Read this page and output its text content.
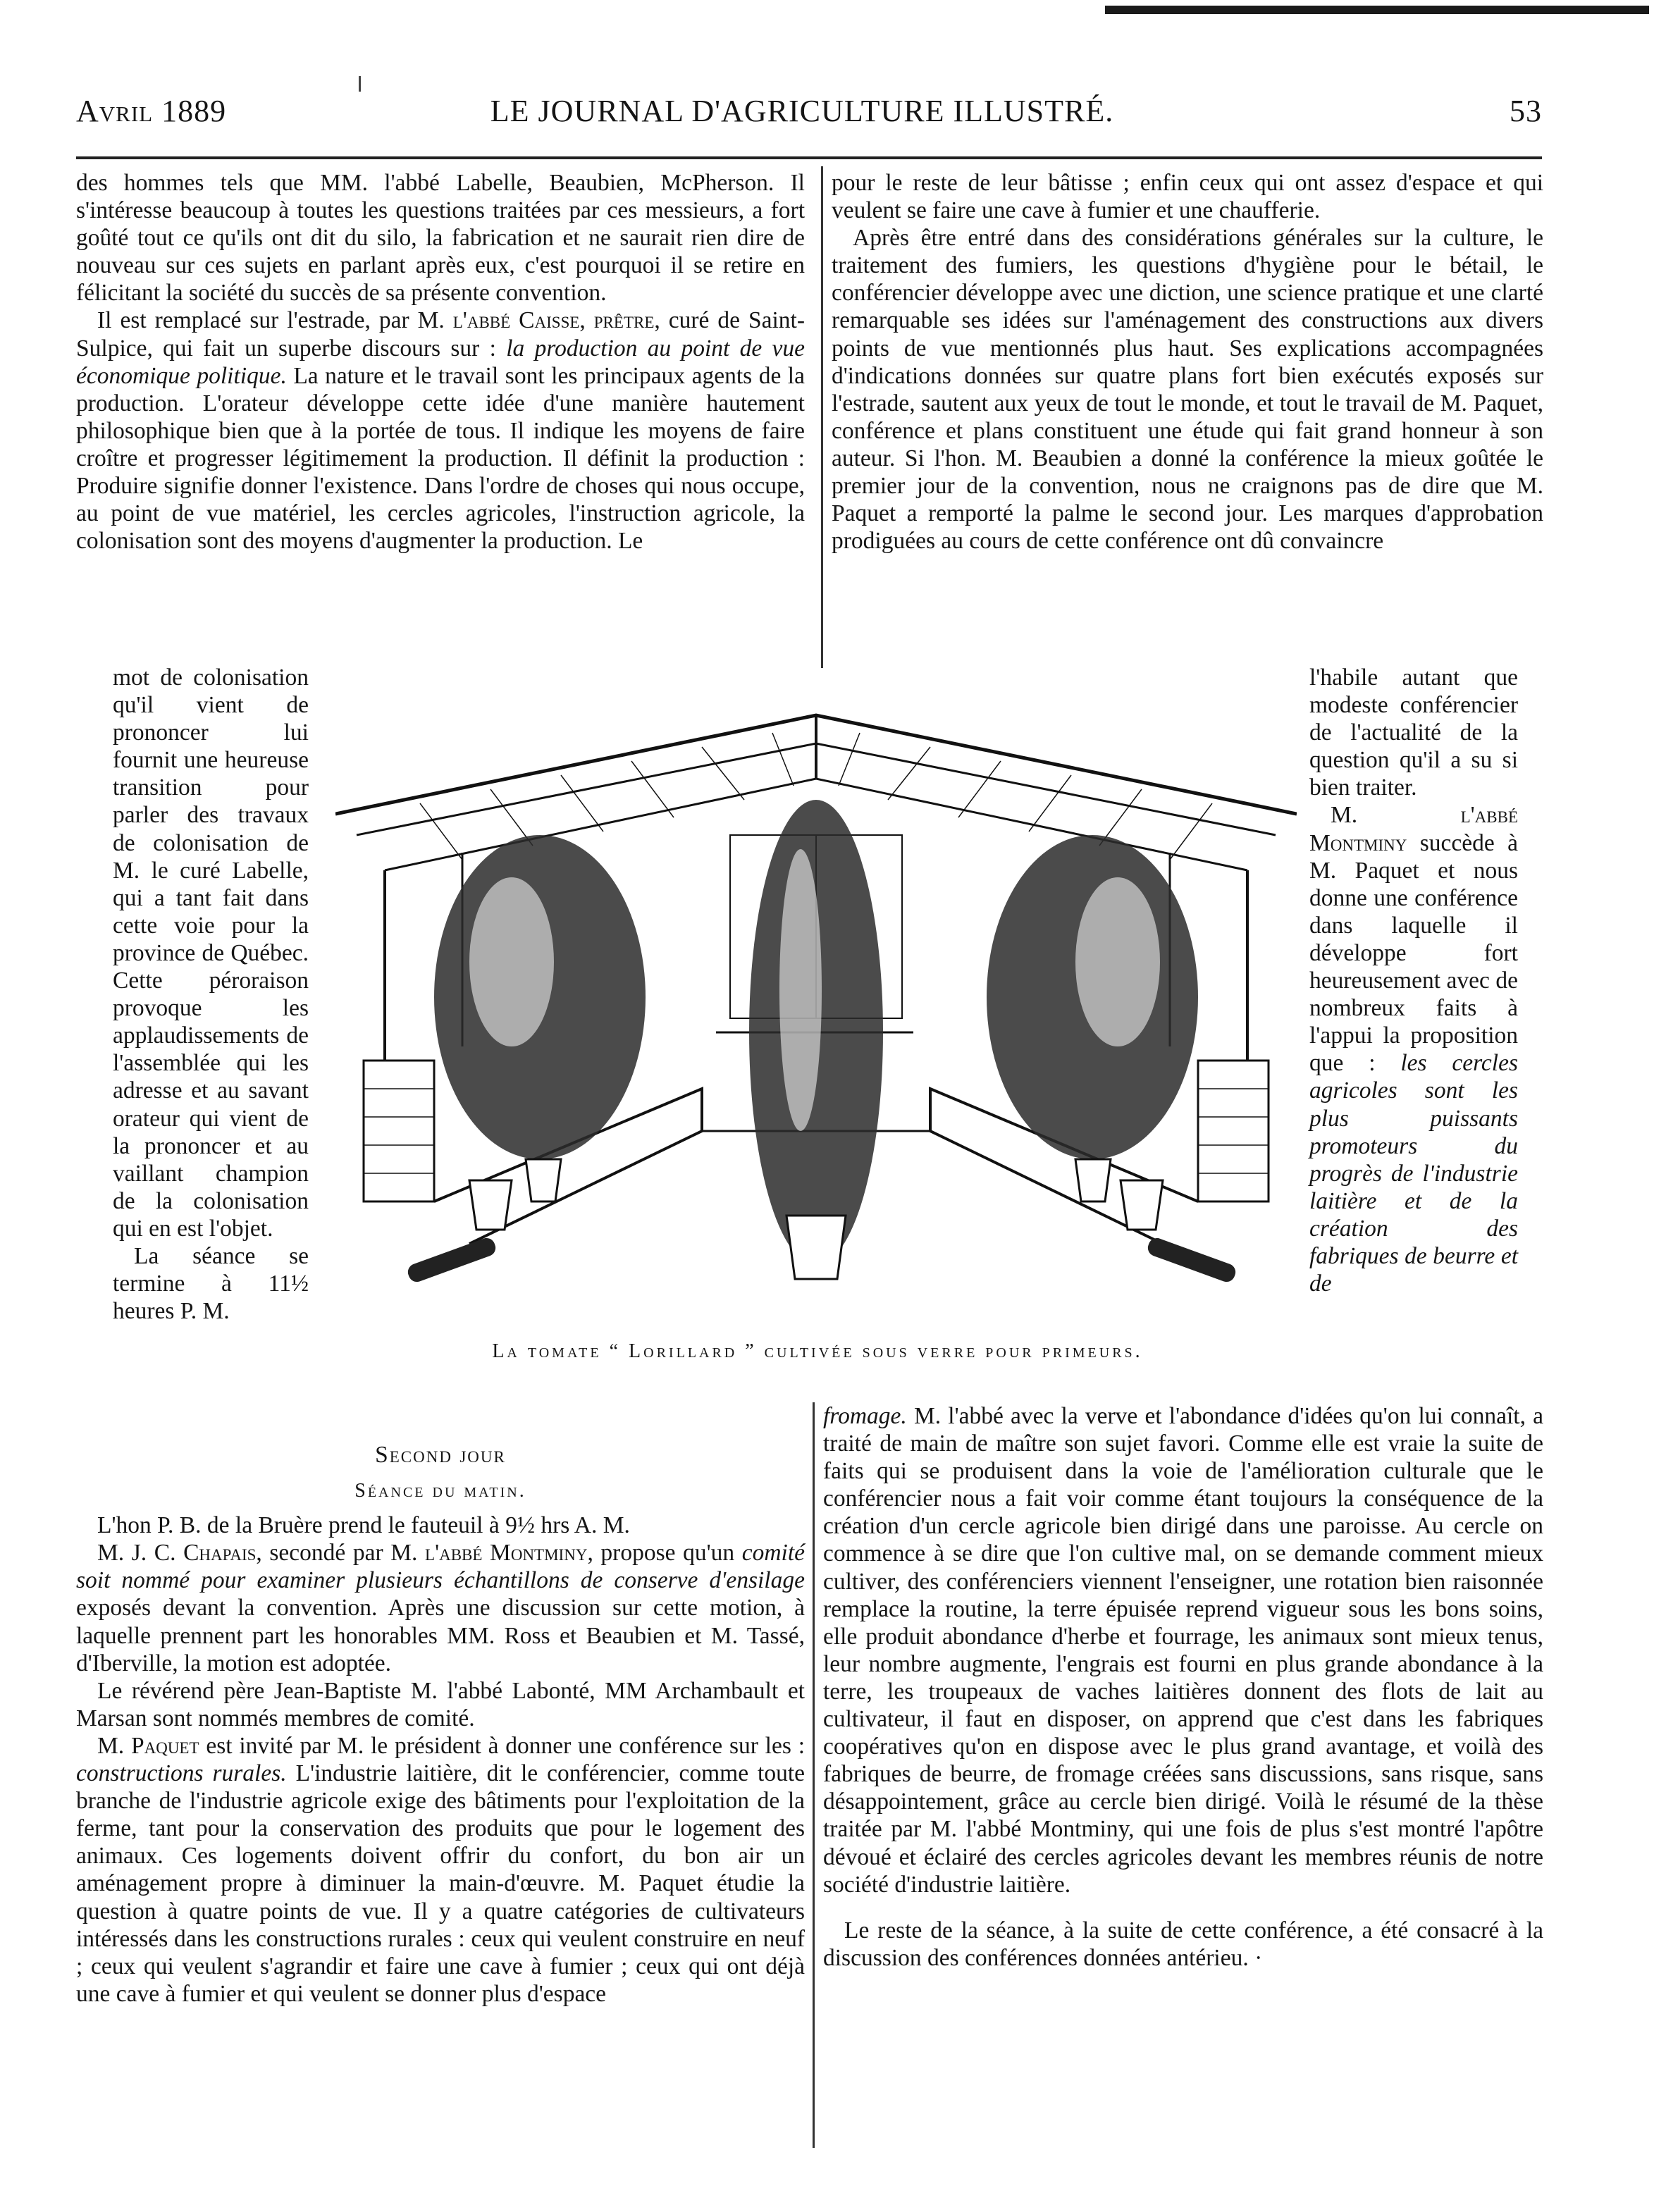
Avril 1889	LE JOURNAL D'AGRICULTURE ILLUSTRÉ.	53

des hommes tels que MM. l'abbé Labelle, Beaubien, McPherson. Il s'intéresse beaucoup à toutes les questions traitées par ces messieurs, a fort goûté tout ce qu'ils ont dit du silo, la fabrication et ne saurait rien dire de nouveau sur ces sujets en parlant après eux, c'est pourquoi il se retire en félicitant la société du succès de sa présente convention.

Il est remplacé sur l'estrade, par M. l'abbé Caisse, prêtre, curé de Saint-Sulpice, qui fait un superbe discours sur : la production au point de vue économique politique. La nature et le travail sont les principaux agents de la production. L'orateur développe cette idée d'une manière hautement philosophique bien que à la portée de tous. Il indique les moyens de faire croître et progresser légitimement la production. Il définit la production : Produire signifie donner l'existence. Dans l'ordre de choses qui nous occupe, au point de vue matériel, les cercles agricoles, l'instruction agricole, la colonisation sont des moyens d'augmenter la production. Le

mot de colonisation qu'il vient de prononcer lui fournit une heureuse transition pour parler des travaux de colonisation de M. le curé Labelle, qui a tant fait dans cette voie pour la province de Québec. Cette péroraison provoque les applaudissements de l'assemblée qui les adresse et au savant orateur qui vient de la prononcer et au vaillant champion de la colonisation qui en est l'objet.

La séance se termine à 11½ heures P. M.

La tomate “ Lorillard ” cultivée sous verre pour primeurs.

Second jour

Séance du matin.

L'hon P. B. de la Bruère prend le fauteuil à 9½ hrs A. M.

M. J. C. Chapais, secondé par M. l'abbé Montminy, propose qu'un comité soit nommé pour examiner plusieurs échantillons de conserve d'ensilage exposés devant la convention. Après une discussion sur cette motion, à laquelle prennent part les honorables MM. Ross et Beaubien et M. Tassé, d'Iberville, la motion est adoptée.

Le révérend père Jean-Baptiste M. l'abbé Labonté, MM Archambault et Marsan sont nommés membres de comité.

M. Paquet est invité par M. le président à donner une conférence sur les : constructions rurales. L'industrie laitière, dit le conférencier, comme toute branche de l'industrie agricole exige des bâtiments pour l'exploitation de la ferme, tant pour la conservation des produits que pour le logement des animaux. Ces logements doivent offrir du confort, du bon air un aménagement propre à diminuer la main-d'œuvre. M. Paquet étudie la question à quatre points de vue. Il y a quatre catégories de cultivateurs intéressés dans les constructions rurales : ceux qui veulent construire en neuf ; ceux qui veulent s'agrandir et faire une cave à fumier ; ceux qui ont déjà une cave à fumier et qui veulent se donner plus d'espace

pour le reste de leur bâtisse ; enfin ceux qui ont assez d'espace et qui veulent se faire une cave à fumier et une chaufferie.

Après être entré dans des considérations générales sur la culture, le traitement des fumiers, les questions d'hygiène pour le bétail, le conférencier développe avec une diction, une science pratique et une clarté remarquable ses idées sur l'aménagement des constructions aux divers points de vue mentionnés plus haut. Ses explications accompagnées d'indications données sur quatre plans fort bien exécutés exposés sur l'estrade, sautent aux yeux de tout le monde, et tout le travail de M. Paquet, conférence et plans constituent une étude qui fait grand honneur à son auteur. Si l'hon. M. Beaubien a donné la conférence la mieux goûtée le premier jour de la convention, nous ne craignons pas de dire que M. Paquet a remporté la palme le second jour. Les marques d'approbation prodiguées au cours de cette conférence ont dû convaincre

l'habile autant que modeste conférencier de l'actualité de la question qu'il a su si bien traiter.

M. l'abbé Montminy succède à M. Paquet et nous donne une conférence dans laquelle il développe fort heureusement avec de nombreux faits à l'appui la proposition que : les cercles agricoles sont les plus puissants promoteurs du progrès de l'industrie laitière et de la création des fabriques de beurre et de

fromage. M. l'abbé avec la verve et l'abondance d'idées qu'on lui connaît, a traité de main de maître son sujet favori. Comme elle est vraie la suite de faits qui se produisent dans la voie de l'amélioration culturale que le conférencier nous a fait voir comme étant toujours la conséquence de la création d'un cercle agricole bien dirigé dans une paroisse. Au cercle on commence à se dire que l'on cultive mal, on se demande comment mieux cultiver, des conférenciers viennent l'enseigner, une rotation bien raisonnée remplace la routine, la terre épuisée reprend vigueur sous les bons soins, elle produit abondance d'herbe et fourrage, les animaux sont mieux tenus, leur nombre augmente, l'engrais est fourni en plus grande abondance à la terre, les troupeaux de vaches laitières donnent des flots de lait au cultivateur, il faut en disposer, on apprend que c'est dans les fabriques coopératives qu'on en dispose avec le plus grand avantage, et voilà des fabriques de beurre, de fromage créées sans discussions, sans risque, sans désappointement, grâce au cercle bien dirigé. Voilà le résumé de la thèse traitée par M. l'abbé Montminy, qui une fois de plus s'est montré l'apôtre dévoué et éclairé des cercles agricoles devant les membres réunis de notre société d'industrie laitière.

Le reste de la séance, à la suite de cette conférence, a été consacré à la discussion des conférences données antérieu. ·
